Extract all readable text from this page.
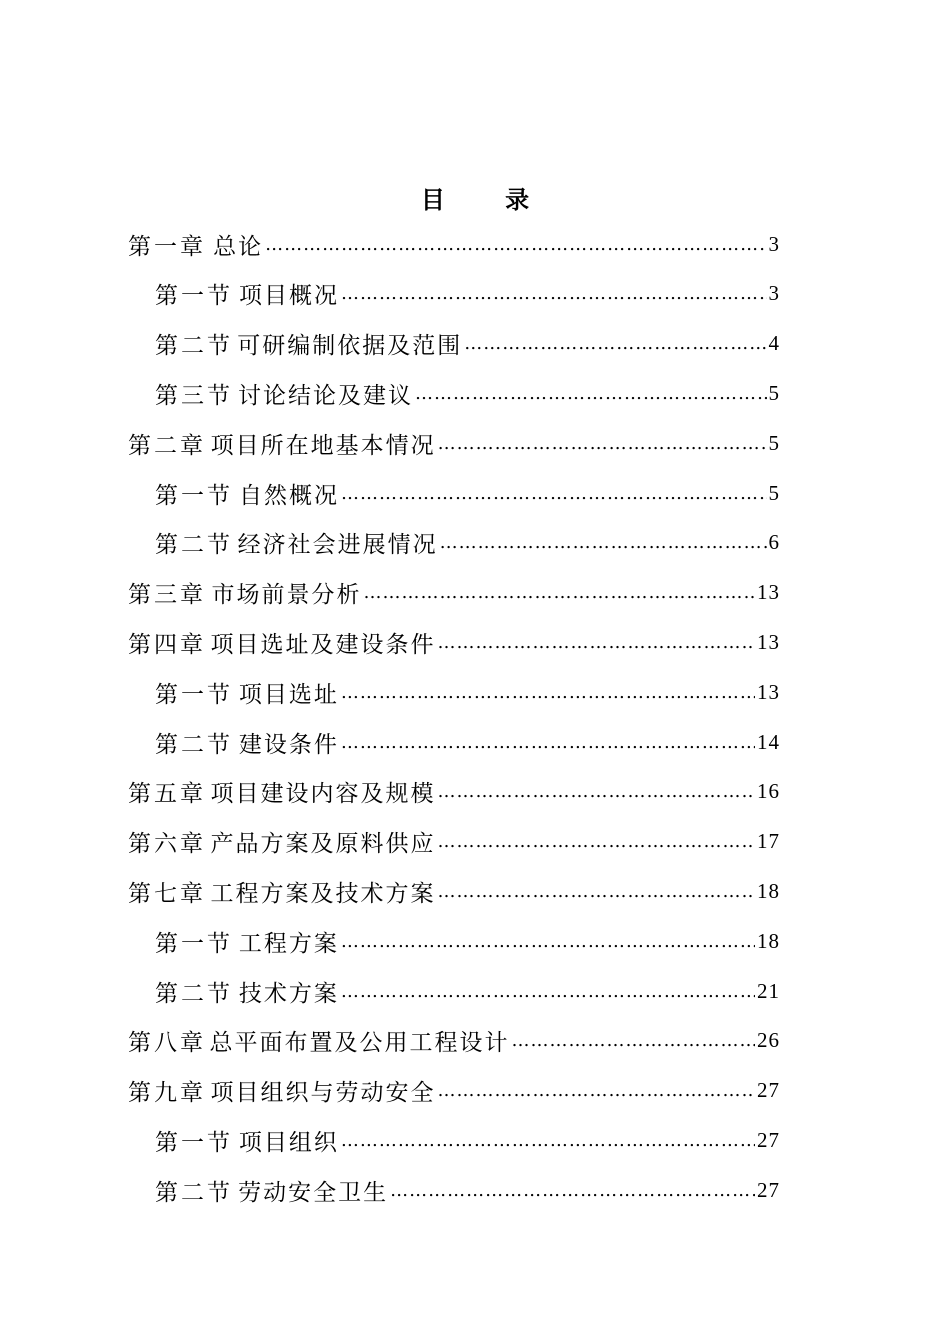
目 录
第一章 总论 …………………………………………………………………………………………………………………………………………	3
第一节 项目概况 …………………………………………………………………………………………………………………………………………	3
第二节 可研编制依据及范围 …………………………………………………………………………………………………………………………………………	4
第三节 讨论结论及建议 …………………………………………………………………………………………………………………………………………	5
第二章 项目所在地基本情况 …………………………………………………………………………………………………………………………………………	5
第一节 自然概况 …………………………………………………………………………………………………………………………………………	5
第二节 经济社会进展情况 …………………………………………………………………………………………………………………………………………	6
第三章 市场前景分析 …………………………………………………………………………………………………………………………………………	13
第四章 项目选址及建设条件 …………………………………………………………………………………………………………………………………………	13
第一节 项目选址 …………………………………………………………………………………………………………………………………………	13
第二节 建设条件 …………………………………………………………………………………………………………………………………………	14
第五章 项目建设内容及规模 …………………………………………………………………………………………………………………………………………	16
第六章 产品方案及原料供应 …………………………………………………………………………………………………………………………………………	17
第七章 工程方案及技术方案 …………………………………………………………………………………………………………………………………………	18
第一节 工程方案 …………………………………………………………………………………………………………………………………………	18
第二节 技术方案 …………………………………………………………………………………………………………………………………………	21
第八章 总平面布置及公用工程设计 …………………………………………………………………………………………………………………………………………	26
第九章 项目组织与劳动安全 …………………………………………………………………………………………………………………………………………	27
第一节 项目组织 …………………………………………………………………………………………………………………………………………	27
第二节 劳动安全卫生 …………………………………………………………………………………………………………………………………………	27
